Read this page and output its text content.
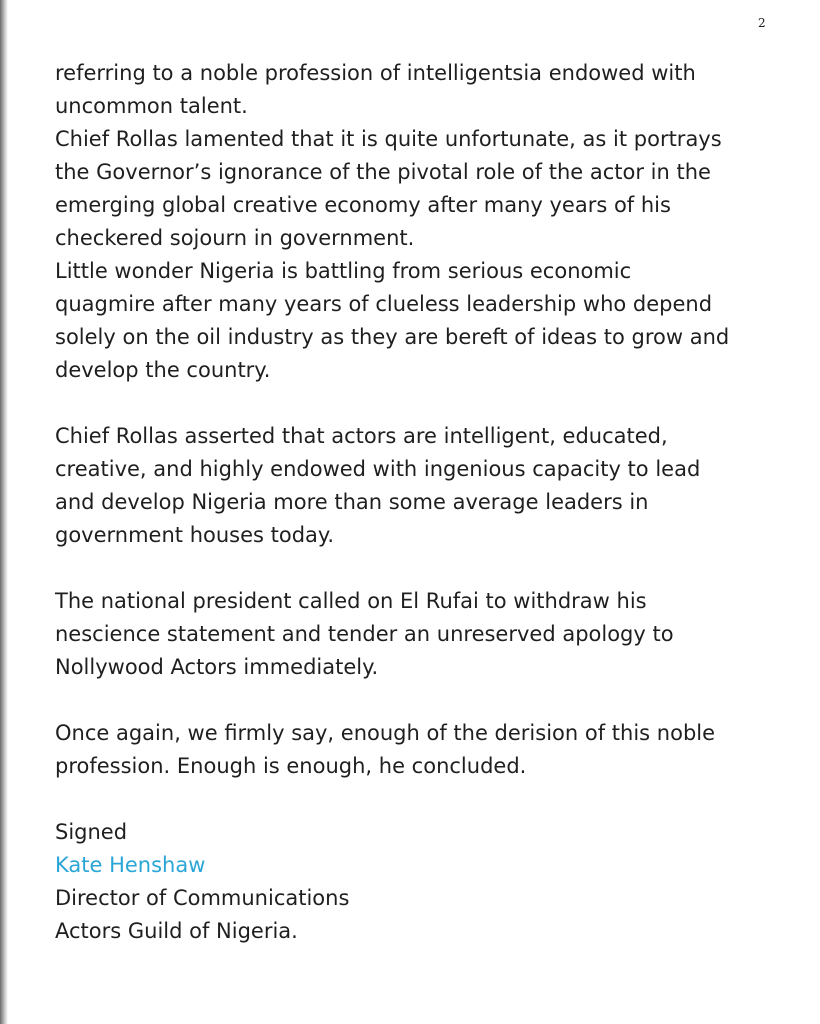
2
referring to a noble profession of intelligentsia endowed with
uncommon talent.
Chief Rollas lamented that it is quite unfortunate, as it portrays
the Governor’s ignorance of the pivotal role of the actor in the
emerging global creative economy after many years of his
checkered sojourn in government.
Little wonder Nigeria is battling from serious economic
quagmire after many years of clueless leadership who depend
solely on the oil industry as they are bereft of ideas to grow and
develop the country.
Chief Rollas asserted that actors are intelligent, educated,
creative, and highly endowed with ingenious capacity to lead
and develop Nigeria more than some average leaders in
government houses today.
The national president called on El Rufai to withdraw his
nescience statement and tender an unreserved apology to
Nollywood Actors immediately.
Once again, we firmly say, enough of the derision of this noble
profession. Enough is enough, he concluded.
Signed
Kate Henshaw
Director of Communications
Actors Guild of Nigeria.
